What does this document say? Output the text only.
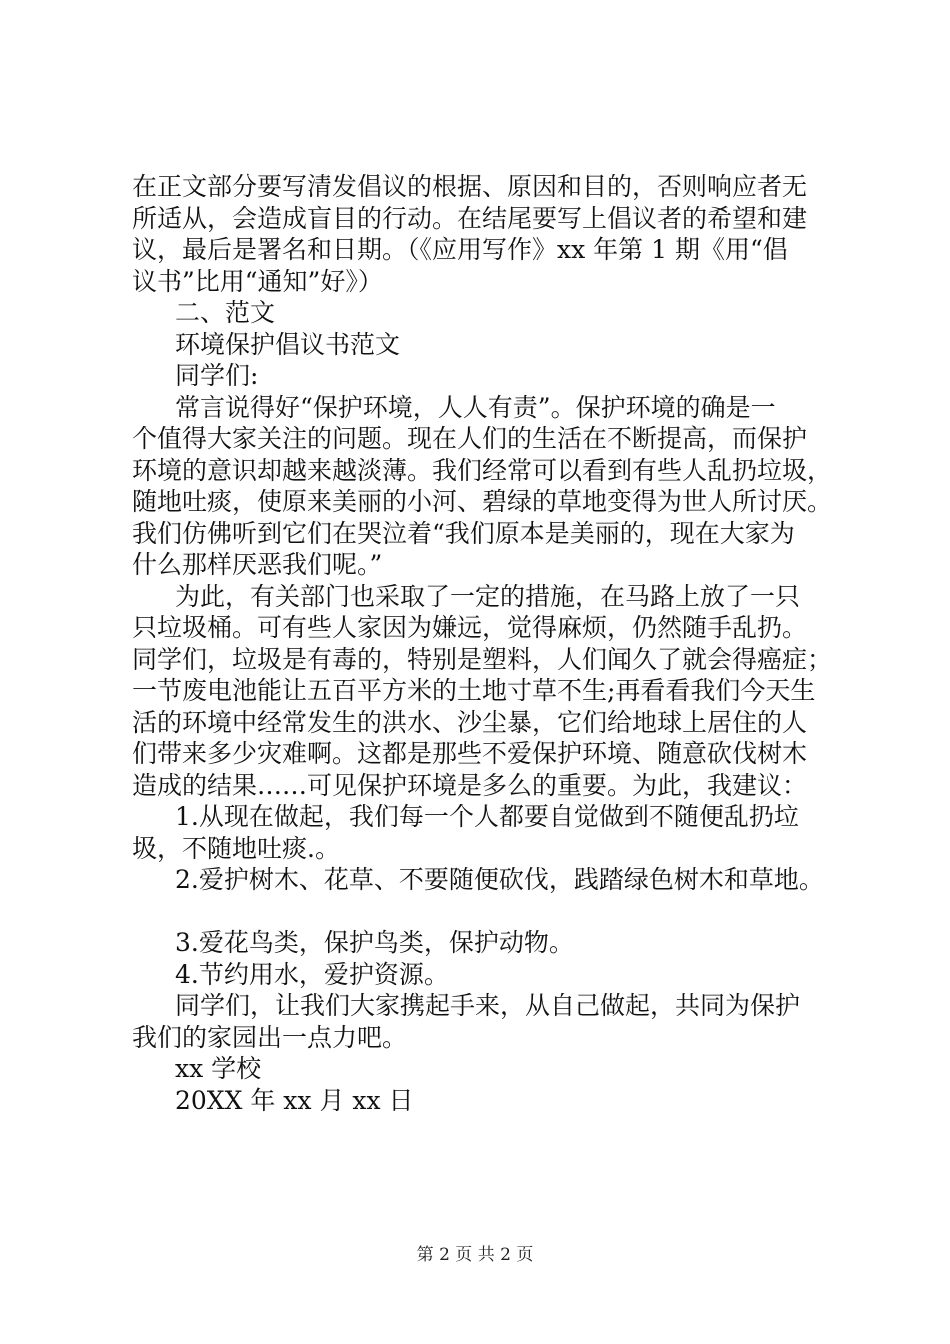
在正文部分要写清发倡议的根据、原因和目的，否则响应者无
所适从，会造成盲目的行动。在结尾要写上倡议者的希望和建
议，最后是署名和日期。（《应用写作》xx 年第 1 期《用“倡
议书”比用“通知”好》）
二、范文
环境保护倡议书范文
同学们:
常言说得好“保护环境，人人有责”。保护环境的确是一
个值得大家关注的问题。现在人们的生活在不断提高，而保护
环境的意识却越来越淡薄。我们经常可以看到有些人乱扔垃圾，
随地吐痰，使原来美丽的小河、碧绿的草地变得为世人所讨厌。
我们仿佛听到它们在哭泣着“我们原本是美丽的，现在大家为
什么那样厌恶我们呢。”
为此，有关部门也采取了一定的措施，在马路上放了一只
只垃圾桶。可有些人家因为嫌远，觉得麻烦，仍然随手乱扔。
同学们，垃圾是有毒的，特别是塑料，人们闻久了就会得癌症；
一节废电池能让五百平方米的土地寸草不生;再看看我们今天生
活的环境中经常发生的洪水、沙尘暴，它们给地球上居住的人
们带来多少灾难啊。这都是那些不爱保护环境、随意砍伐树木
造成的结果……可见保护环境是多么的重要。为此，我建议：
1.从现在做起，我们每一个人都要自觉做到不随便乱扔垃
圾，不随地吐痰.。
2.爱护树木、花草、不要随便砍伐，践踏绿色树木和草地。
3.爱花鸟类，保护鸟类，保护动物。
4.节约用水，爱护资源。
同学们，让我们大家携起手来，从自己做起，共同为保护
我们的家园出一点力吧。
xx 学校
20XX 年 xx 月 xx 日
第 2 页 共 2 页
